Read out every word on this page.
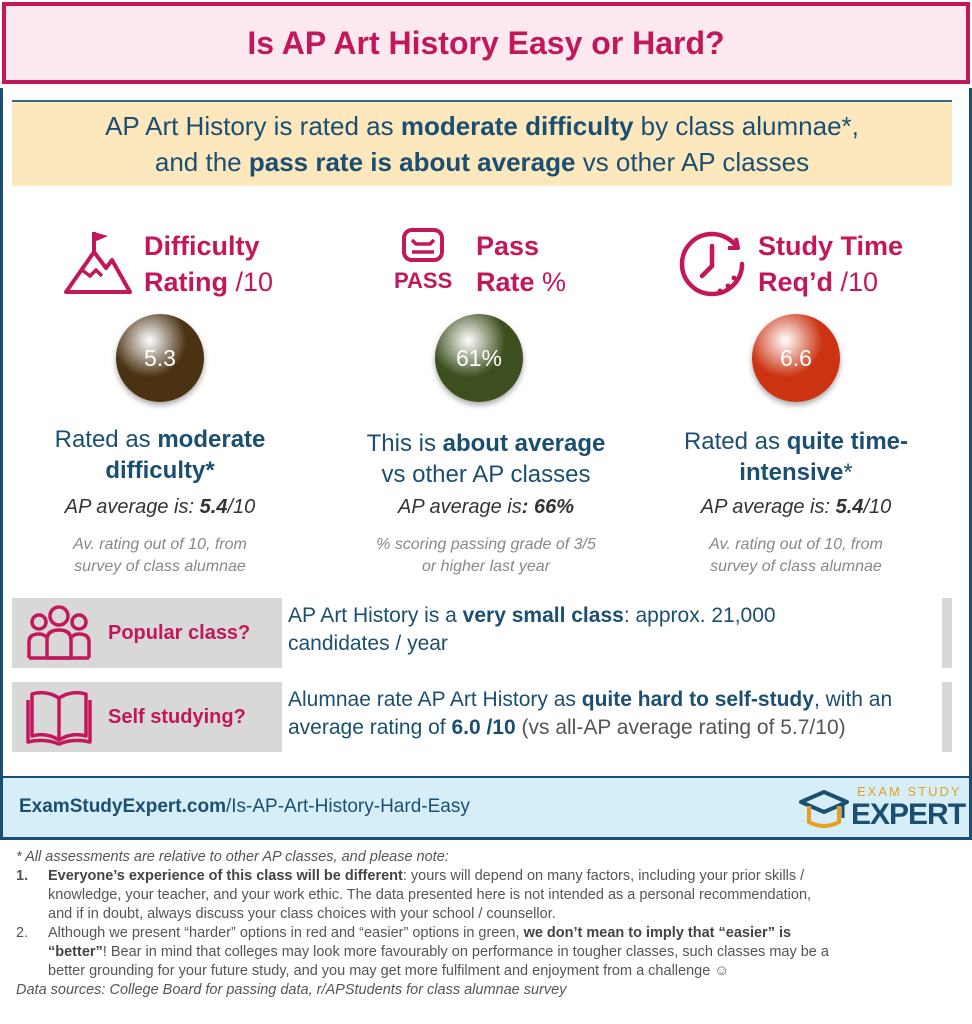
Is AP Art History Easy or Hard?
AP Art History is rated as moderate difficulty by class alumnae*,
and the pass rate is about average vs other AP classes
Difficulty
Rating /10	PASS
Pass
Rate %
Study Time
Req’d /10
5.3	61%	6.6
Rated as moderate
difficulty*
This is about average
vs other AP classes
Rated as quite time-
intensive*
AP average is: 5.4/10	AP average is: 66%	AP average is: 5.4/10
Av. rating out of 10, from
survey of class alumnae
% scoring passing grade of 3/5
or higher last year
Av. rating out of 10, from
survey of class alumnae
Popular class?
AP Art History is a very small class: approx. 21,000
candidates / year
Self studying?
Alumnae rate AP Art History as quite hard to self-study, with an
average rating of 6.0 /10 (vs all-AP average rating of 5.7/10)
ExamStudyExpert.com/Is-AP-Art-History-Hard-Easy
EXAM STUDY
EXPERT
* All assessments are relative to other AP classes, and please note:
1.	Everyone’s experience of this class will be different: yours will depend on many factors, including your prior skills /
knowledge, your teacher, and your work ethic. The data presented here is not intended as a personal recommendation,
and if in doubt, always discuss your class choices with your school / counsellor.
2.	Although we present “harder” options in red and “easier” options in green, we don’t mean to imply that “easier” is
“better”! Bear in mind that colleges may look more favourably on performance in tougher classes, such classes may be a
better grounding for your future study, and you may get more fulfilment and enjoyment from a challenge ☺
Data sources: College Board for passing data, r/APStudents for class alumnae survey
